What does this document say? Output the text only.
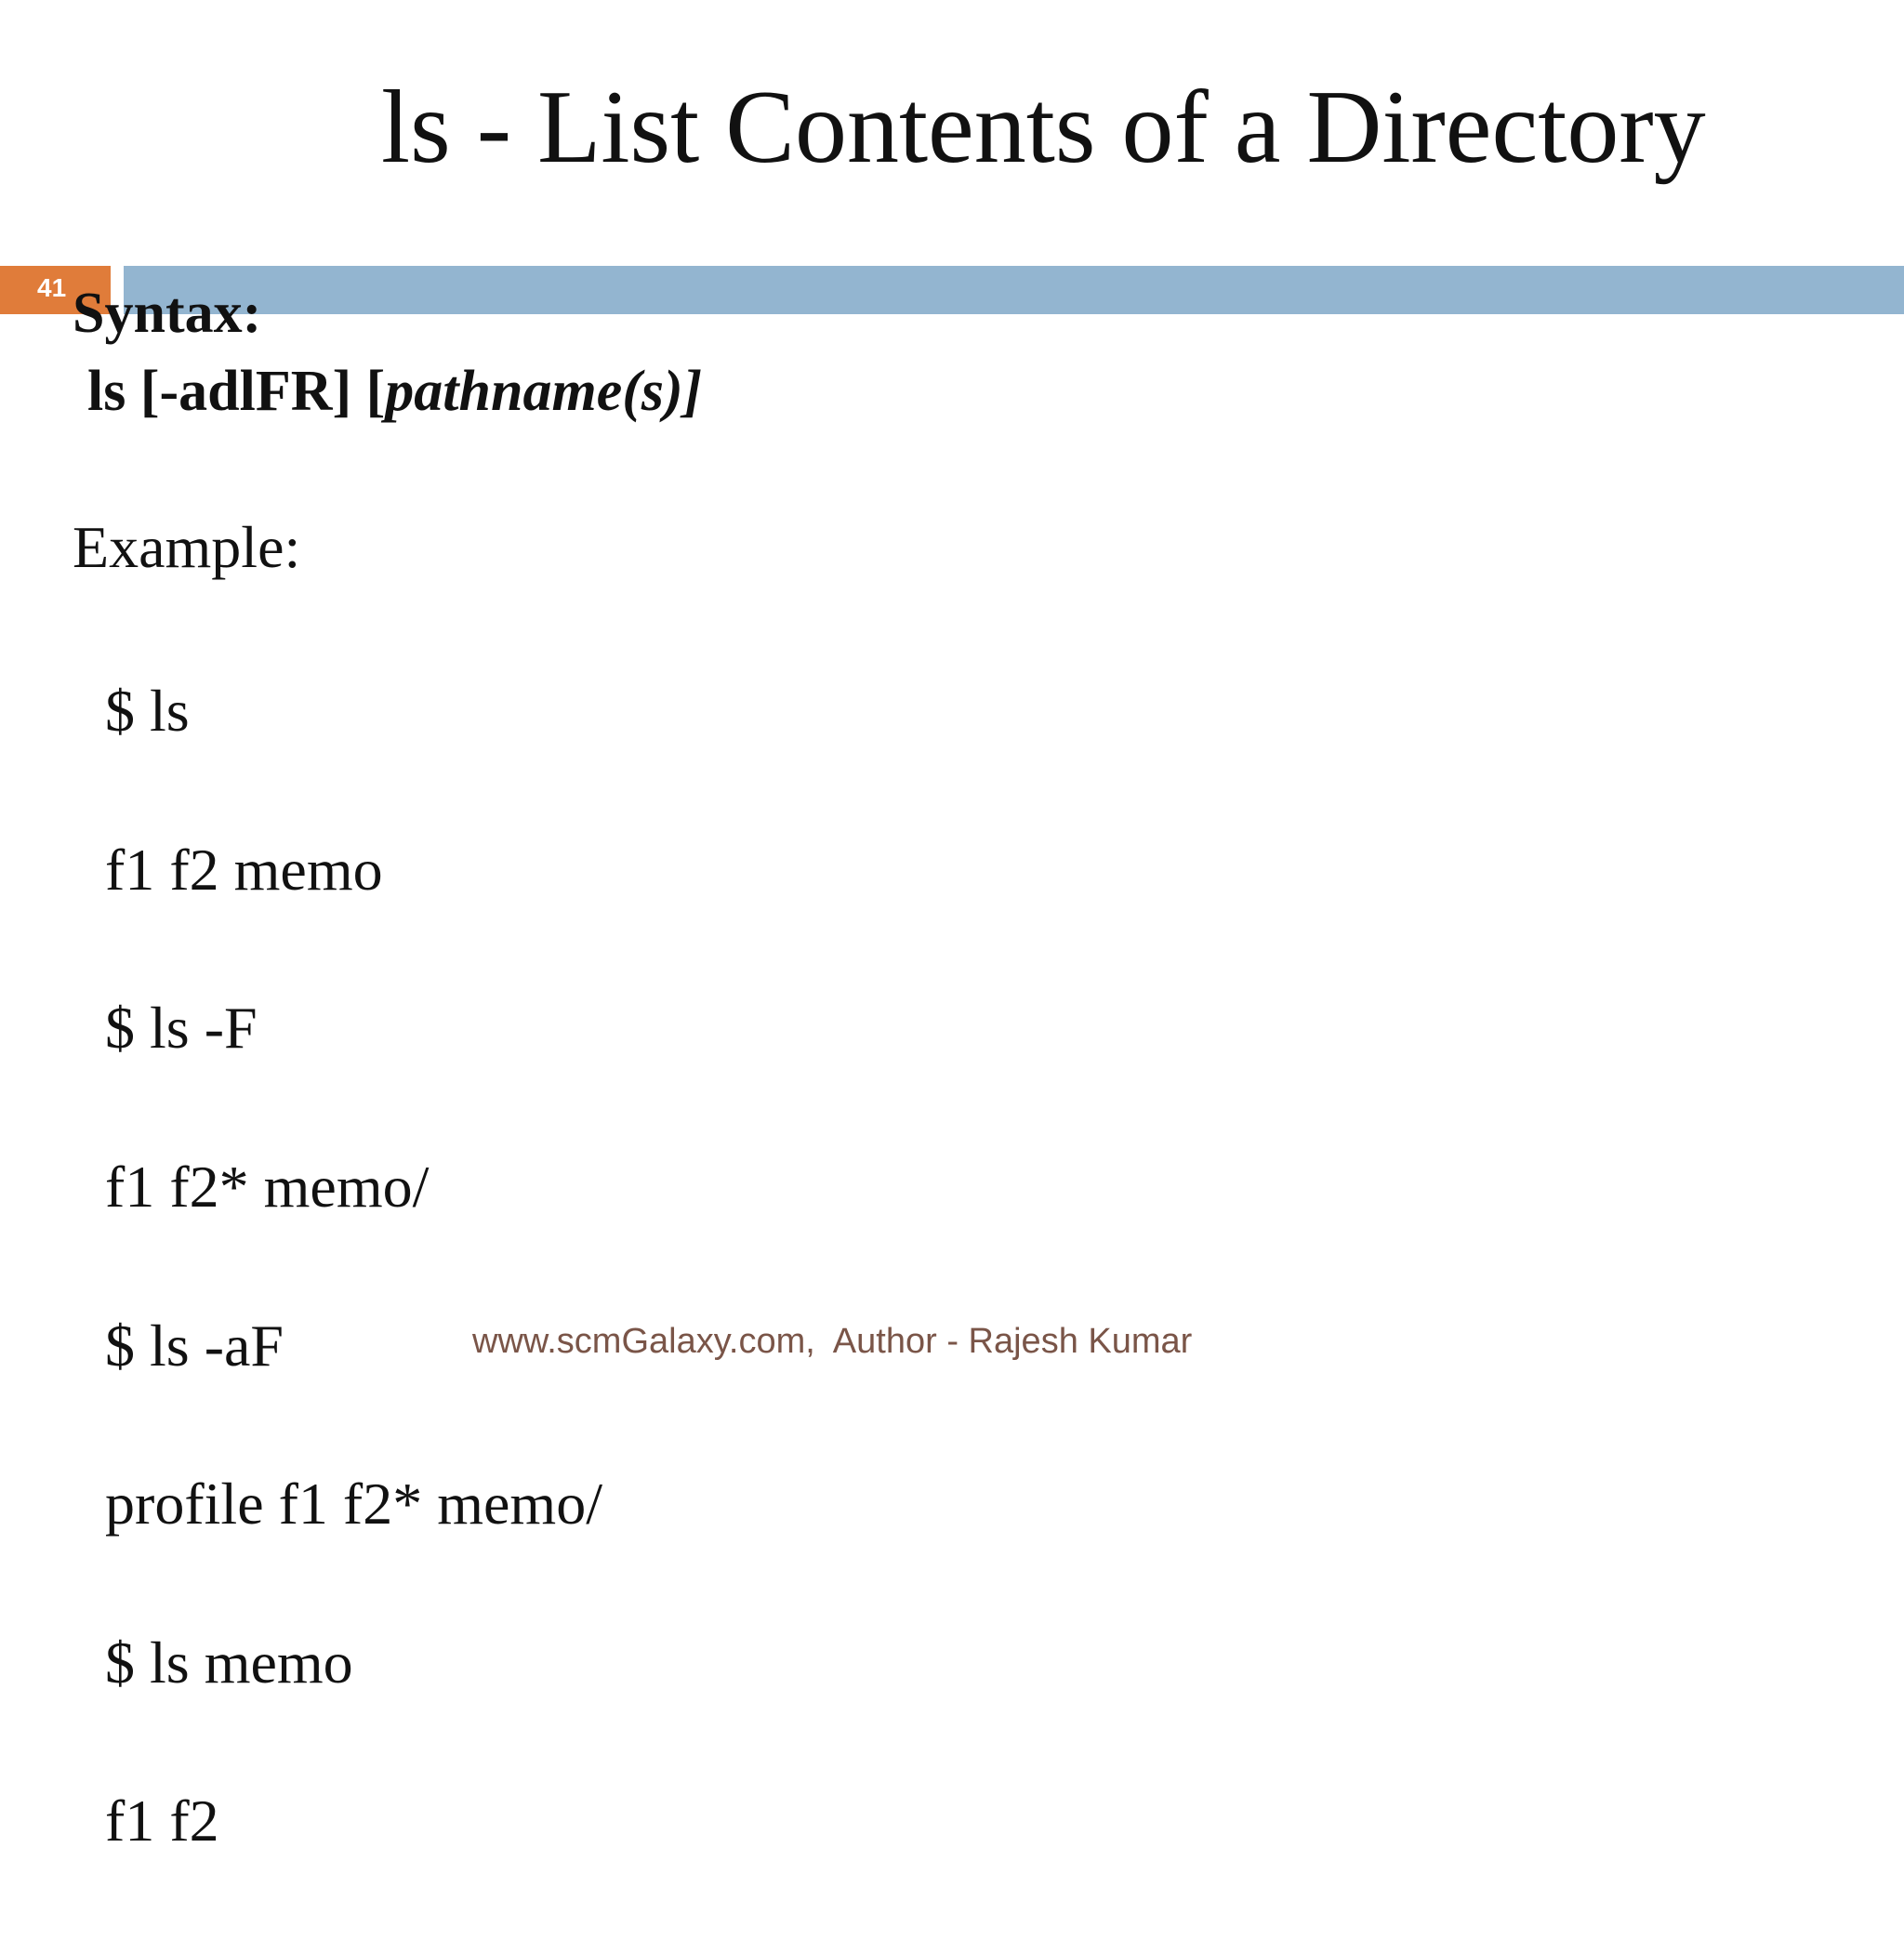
ls - List Contents of a Directory
41 Syntax:
ls [-adlFR] [pathname(s)]
Example:

$ ls

f1 f2 memo

$ ls -F

f1 f2* memo/

$ ls -aF

profile f1 f2* memo/

$ ls memo

f1 f2

www.scmGalaxy.com,  Author - Rajesh Kumar
